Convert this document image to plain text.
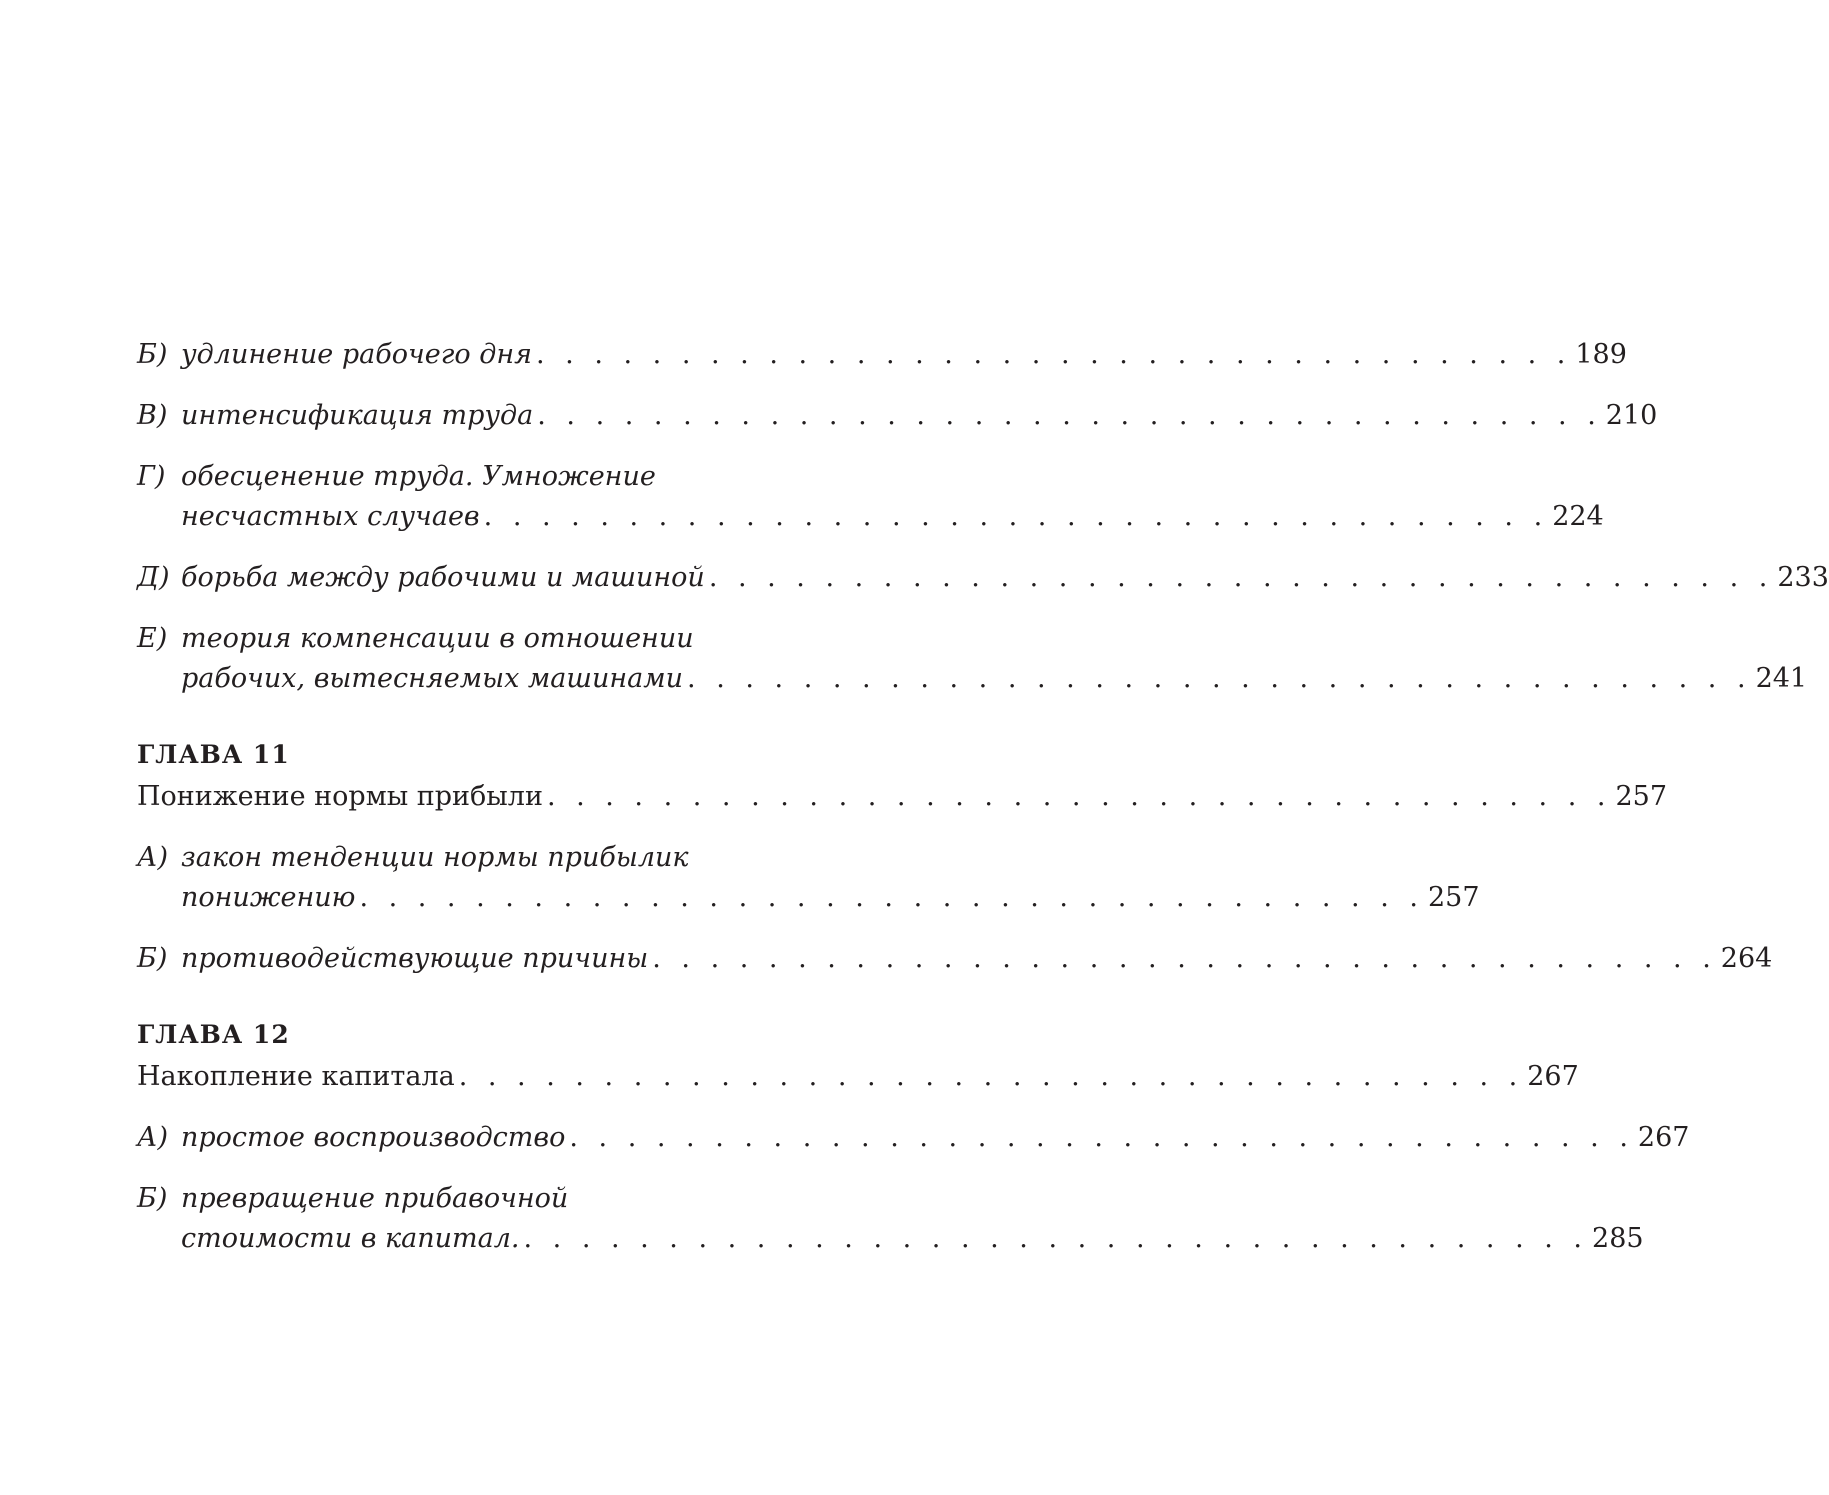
Б) удлинение рабочего дня . . . . . . . . . . . . . . . . . . . . . . . . . . . . . . . . . . . . 189
В) интенсификация труда . . . . . . . . . . . . . . . . . . . . . . . . . . . . . . . . . . . . . 210
Г) обесценение труда. Умножение
несчастных случаев . . . . . . . . . . . . . . . . . . . . . . . . . . . . . . . . . . . . . 224
Д) борьба между рабочими и машиной . . . . . . . . . . . . . . . . . . . . . . . . . . . . . . . . . . . . . 233
Е) теория компенсации в отношении
рабочих, вытесняемых машинами . . . . . . . . . . . . . . . . . . . . . . . . . . . . . . . . . . . . . 241
ГЛАВА 11
Понижение нормы прибыли . . . . . . . . . . . . . . . . . . . . . . . . . . . . . . . . . . . . . 257
А) закон тенденции нормы прибылик
понижению . . . . . . . . . . . . . . . . . . . . . . . . . . . . . . . . . . . . . 257
Б) противодействующие причины . . . . . . . . . . . . . . . . . . . . . . . . . . . . . . . . . . . . . 264
ГЛАВА 12
Накопление капитала . . . . . . . . . . . . . . . . . . . . . . . . . . . . . . . . . . . . . 267
А) простое воспроизводство . . . . . . . . . . . . . . . . . . . . . . . . . . . . . . . . . . . . . 267
Б) превращение прибавочной
стоимости в капитал. . . . . . . . . . . . . . . . . . . . . . . . . . . . . . . . . . . . . . 285
